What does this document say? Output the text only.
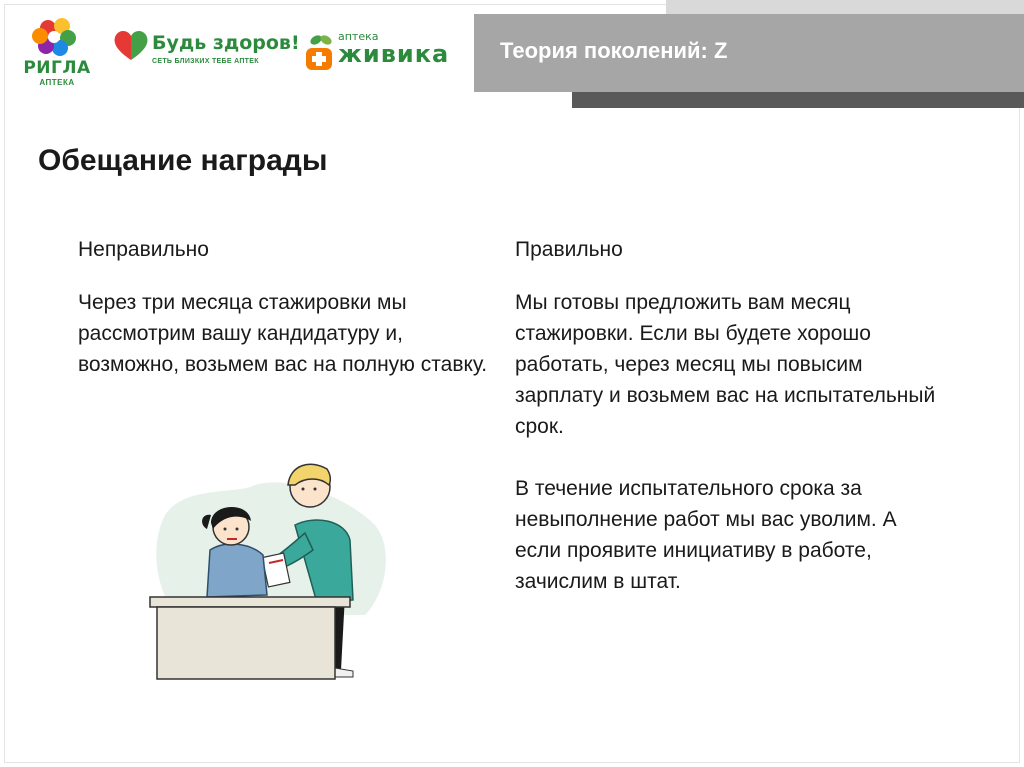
РИГЛА
АПТЕКА
Будь здоров!
СЕТЬ БЛИЗКИХ ТЕБЕ АПТЕК
аптека
живика Теория поколений: Z
Обещание награды
Неправильно
Через три месяца стажировки мы рассмотрим вашу кандидатуру и, возможно, возьмем вас на полную ставку.
Правильно
Мы готовы предложить вам месяц стажировки. Если вы будете хорошо работать, через месяц мы повысим зарплату и возьмем вас на испытательный срок.
В течение испытательного срока за невыполнение работ мы вас уволим. А если проявите инициативу в работе, зачислим в штат.
